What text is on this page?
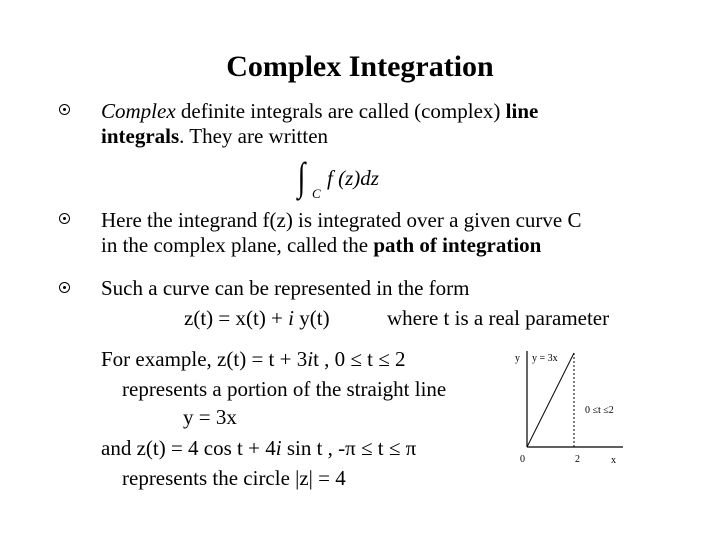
Complex Integration
Complex definite integrals are called (complex) line
integrals. They are written
∫ C
f (z)dz
Here the integrand f(z) is integrated over a given curve C
in the complex plane, called the path of integration
Such a curve can be represented in the form
z(t) = x(t) + i y(t)	where t is a real parameter
For example, z(t) = t + 3it , 0 ≤ t ≤ 2
represents a portion of the straight line
y = 3x
and z(t) = 4 cos t + 4i sin t , -π ≤ t ≤ π
represents the circle |z| = 4
y y = 3x
0 ≤t ≤2
0	2	x
